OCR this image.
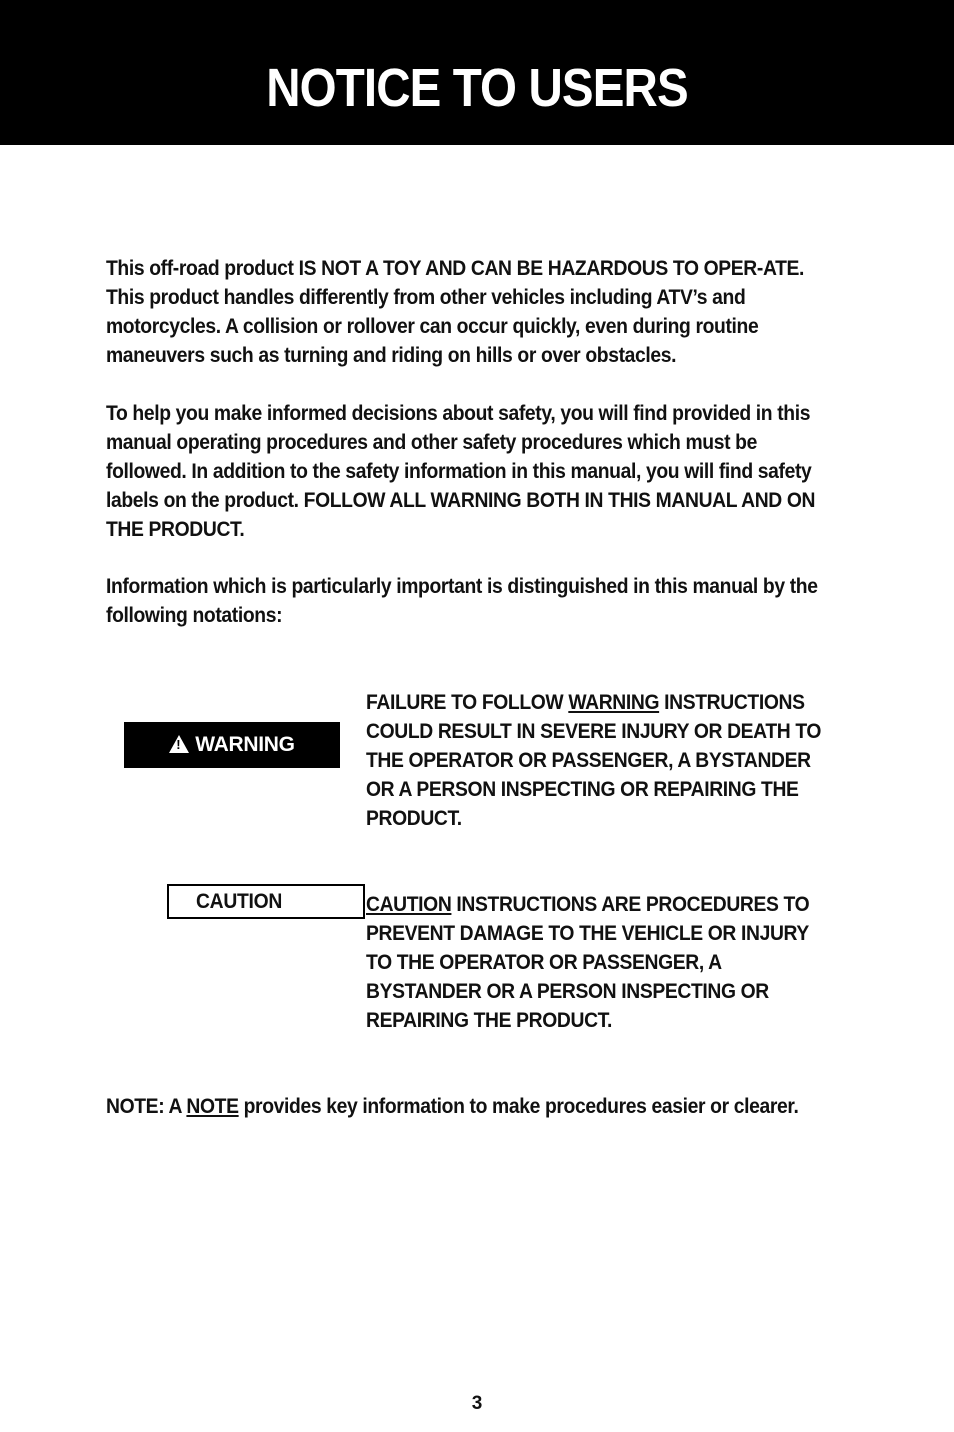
NOTICE TO USERS

This off-road product IS NOT A TOY AND CAN BE HAZARDOUS TO OPER-ATE. This product handles differently from other vehicles including ATV’s and motorcycles. A collision or rollover can occur quickly, even during routine maneuvers such as turning and riding on hills or over obstacles.

To help you make informed decisions about safety, you will find provided in this manual operating procedures and other safety procedures which must be followed. In addition to the safety information in this manual, you will find safety labels on the product. FOLLOW ALL WARNING BOTH IN THIS MANUAL AND ON THE PRODUCT.

Information which is particularly important is distinguished in this manual by the following notations:

!
WARNING

FAILURE TO FOLLOW WARNING INSTRUCTIONS COULD RESULT IN SEVERE INJURY OR DEATH TO THE OPERATOR OR PASSENGER, A BYSTANDER OR A PERSON INSPECTING OR REPAIRING THE PRODUCT.

CAUTION	CAUTION INSTRUCTIONS ARE PROCEDURES TO PREVENT DAMAGE TO THE VEHICLE OR INJURY TO THE OPERATOR OR PASSENGER, A BYSTANDER OR A PERSON INSPECTING OR REPAIRING THE PRODUCT.

NOTE: A NOTE provides key information to make procedures easier or clearer.

3
